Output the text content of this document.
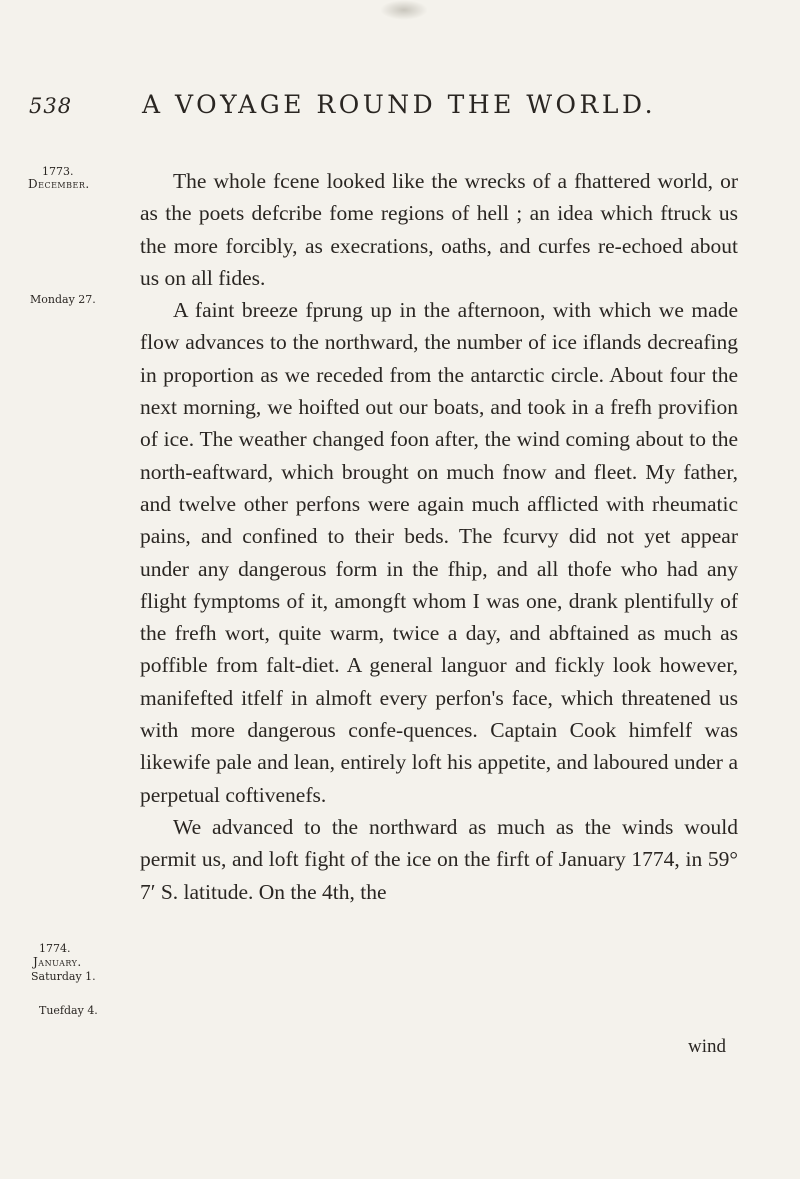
538	A VOYAGE ROUND THE WORLD.
1773.
December.
Monday 27.
1774.
January.
Saturday 1.
Tuefday 4.

The whole fcene looked like the wrecks of a fhattered world, or as the poets defcribe fome regions of hell ; an idea which ftruck us the more forcibly, as execrations, oaths, and curfes re-echoed about us on all fides.

A faint breeze fprung up in the afternoon, with which we made flow advances to the northward, the number of ice iflands decreafing in proportion as we receded from the antarctic circle. About four the next morning, we hoifted out our boats, and took in a frefh provifion of ice. The weather changed foon after, the wind coming about to the north-eaftward, which brought on much fnow and fleet. My father, and twelve other perfons were again much afflicted with rheumatic pains, and confined to their beds. The fcurvy did not yet appear under any dangerous form in the fhip, and all thofe who had any flight fymptoms of it, amongft whom I was one, drank plentifully of the frefh wort, quite warm, twice a day, and abftained as much as poffible from falt-diet. A general languor and fickly look however, manifefted itfelf in almoft every perfon's face, which threatened us with more dangerous confe-quences. Captain Cook himfelf was likewife pale and lean, entirely loft his appetite, and laboured under a perpetual coftivenefs.

We advanced to the northward as much as the winds would permit us, and loft fight of the ice on the firft of January 1774, in 59° 7′ S. latitude. On the 4th, the

wind
